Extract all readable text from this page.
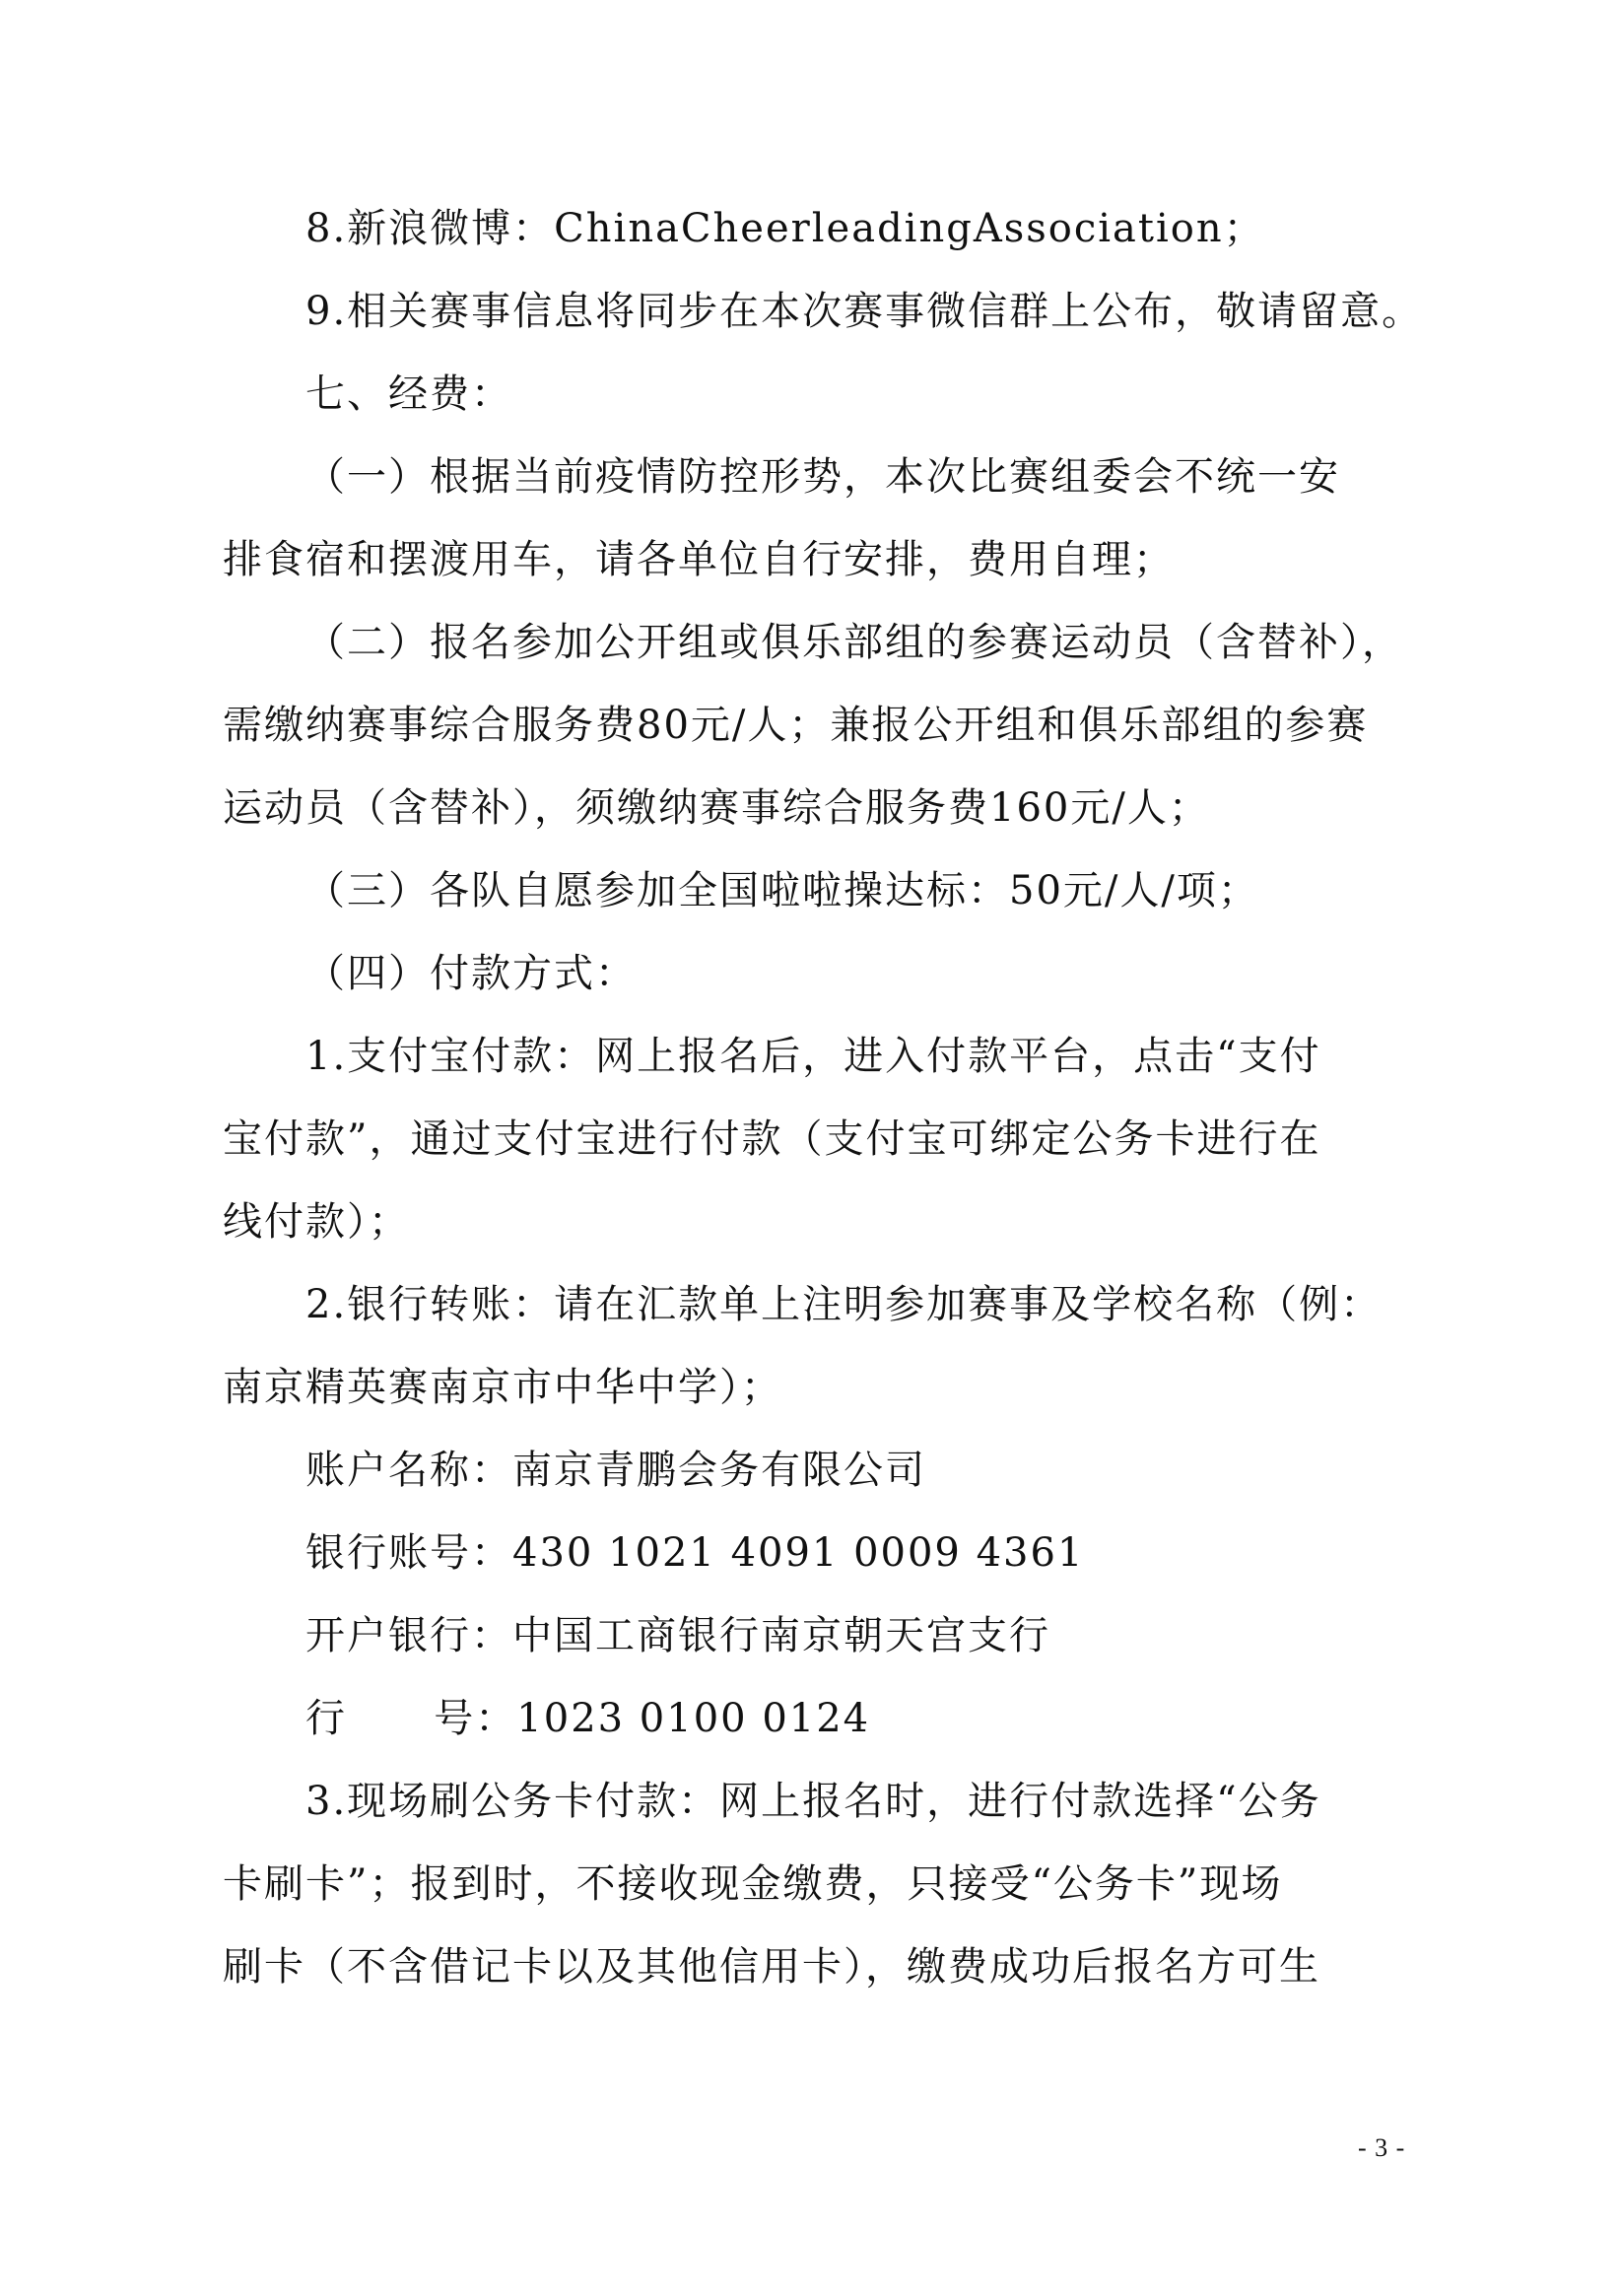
8.新浪微博：ChinaCheerleadingAssociation；
9.相关赛事信息将同步在本次赛事微信群上公布，敬请留意。
七、经费：
（一）根据当前疫情防控形势，本次比赛组委会不统一安
排食宿和摆渡用车，请各单位自行安排，费用自理；
（二）报名参加公开组或俱乐部组的参赛运动员（含替补），
需缴纳赛事综合服务费80元/人；兼报公开组和俱乐部组的参赛
运动员（含替补），须缴纳赛事综合服务费160元/人；
（三）各队自愿参加全国啦啦操达标：50元/人/项；
（四）付款方式：
1.支付宝付款：网上报名后，进入付款平台，点击“支付
宝付款”，通过支付宝进行付款（支付宝可绑定公务卡进行在
线付款）；
2.银行转账：请在汇款单上注明参加赛事及学校名称（例：
南京精英赛南京市中华中学）；
账户名称：南京青鹏会务有限公司
银行账号：430 1021 4091 0009 4361
开户银行：中国工商银行南京朝天宫支行
行      号：1023 0100 0124
3.现场刷公务卡付款：网上报名时，进行付款选择“公务
卡刷卡”；报到时，不接收现金缴费，只接受“公务卡”现场
刷卡（不含借记卡以及其他信用卡），缴费成功后报名方可生
- 3 -
